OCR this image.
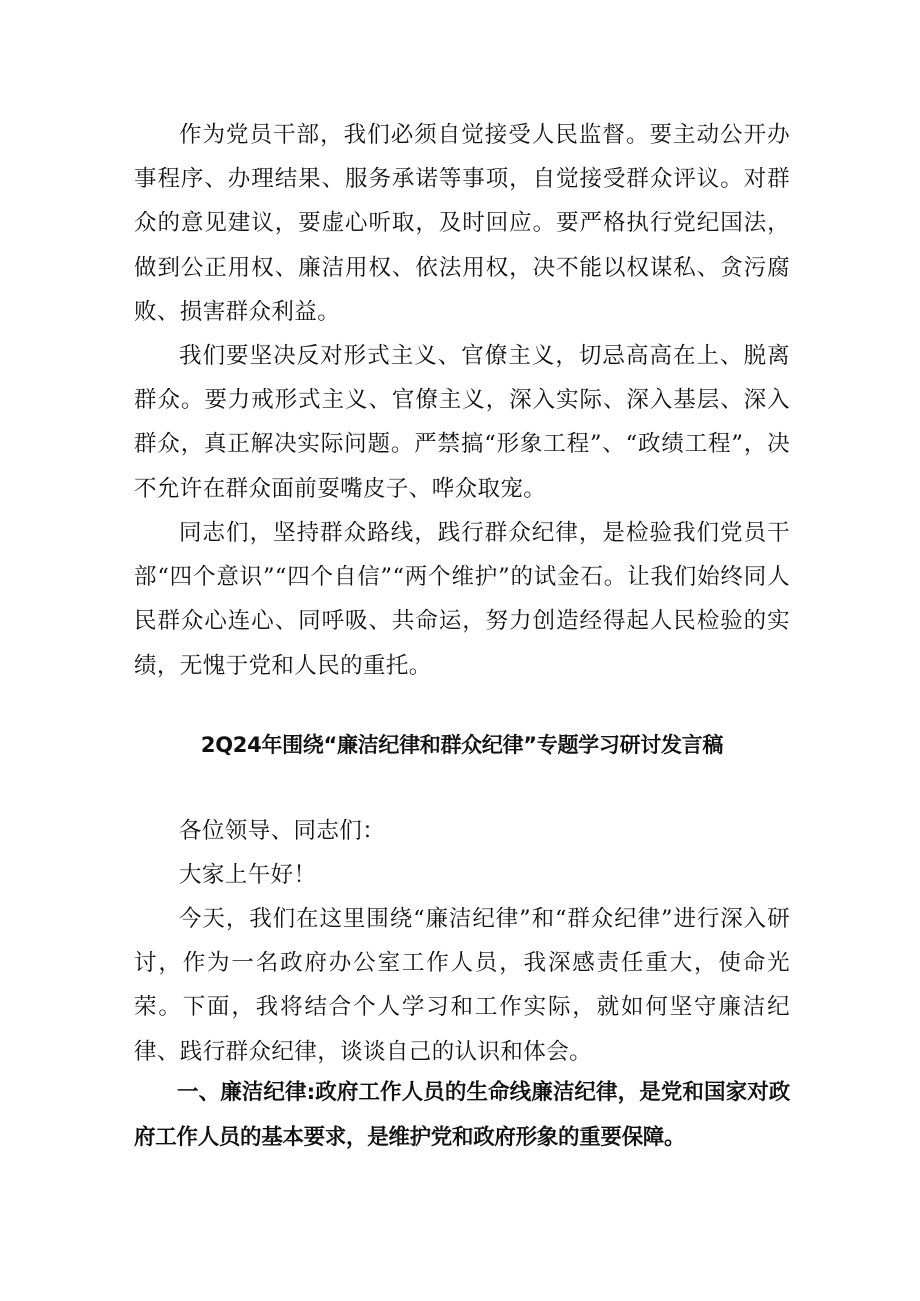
作为党员干部，我们必须自觉接受人民监督。要主动公开办事程序、办理结果、服务承诺等事项，自觉接受群众评议。对群众的意见建议，要虚心听取，及时回应。要严格执行党纪国法，做到公正用权、廉洁用权、依法用权，决不能以权谋私、贪污腐败、损害群众利益。

我们要坚决反对形式主义、官僚主义，切忌高高在上、脱离群众。要力戒形式主义、官僚主义，深入实际、深入基层、深入群众，真正解决实际问题。严禁搞“形象工程”、“政绩工程”，决不允许在群众面前耍嘴皮子、哗众取宠。

同志们，坚持群众路线，践行群众纪律，是检验我们党员干部“四个意识”“四个自信”“两个维护”的试金石。让我们始终同人民群众心连心、同呼吸、共命运，努力创造经得起人民检验的实绩，无愧于党和人民的重托。

2Q24年围绕“廉洁纪律和群众纪律”专题学习研讨发言稿

各位领导、同志们：

大家上午好！

今天，我们在这里围绕“廉洁纪律”和“群众纪律”进行深入研讨，作为一名政府办公室工作人员，我深感责任重大，使命光荣。下面，我将结合个人学习和工作实际，就如何坚守廉洁纪律、践行群众纪律，谈谈自己的认识和体会。

一、廉洁纪律:政府工作人员的生命线廉洁纪律，是党和国家对政府工作人员的基本要求，是维护党和政府形象的重要保障。
